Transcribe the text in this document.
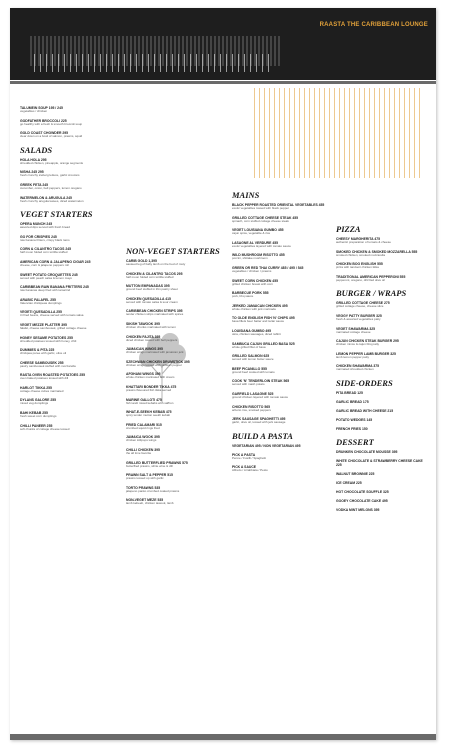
RAASTA THE CARIBBEAN LOUNGE
TALUMEIN SOUP 195 / 245
vegetables / chicken
GODFATHER BROCCOLI 225
go healthy with a fresh & smooth broccoli soup
GOLD COAST CHOWDER 295
clear down on a bowl of salmon, prawns, squid
SALADS
HOLA HOLA 295
shredded chicken, pineapple, orange segments
NISHA 245 295
fresh crunchy iceberg lettuce, garlic croutons
GREEK FETA 245
cucumber, onion, bell peppers, lemon oregano
WATERMELON & ARUGULA 245
fresh crunchy arugula leaves, diced watermelon
VEGET STARTERS
OPERA MUNCH 245
assorted dips served with fresh bread
GO FOR CRISPIES 245
raw banana fritters, crispy black rams
CORN & CILANTRO TACOS 245
half moon folded corn tortilla stuffed
AMERICAN CORN & JALAPENO CIGAR 245
cheese, corn & jalapeno peppers roll
SWEET POTATO CROQUETTES 245
served with peach salsa & lemon mayo
CARIBBEAN RAW BANANA FRITTERS 245
raw bananas deep fried with tamarind
ARABIC FALAFEL 255
Valencian chickpeas dumplings
VEGETI QUESADILLA 255
tri fried beans, cheese served with tomato salsa
VEGET MEZZE PLATTER 395
falafel, cheese sambousek, grilled cottage cheese
HONEY SESAME POTATOES 255
shredded potatoes tossed with honey, chili
DUMMIES & PITA 225
chickpea puree with garlic, olive oil
CHEESE SAMBOUSEK 255
pastry sambousek stuffed with mozzarella
RASTA OVEN ROASTED POTATOES 255
oven baked potatoes tossed with dill
HARLOT TIKKA 255
cottage cheese cubes marinated
DYLANS GALORE 255
mixed veg dumplings
BAHI KEBAB 255
fresh sweet corn dumplings
CHILLI PANEER 255
soft chunks of cottage cheese tossed
NON-VEGET STARTERS
CARIB GOLD 1,395
sauteed leg of baby lamb on the bed of rosty
CHICKEN & CILANTRO TACOS 295
half moon folded corn tortilla stuffed
MUTTON EMPANADAS 395
ground beef stuffed in thin pastry sheet
CHICKEN QUESADILLA 415
served with tomato salsa & sour cream
CARIBBEAN CHICKEN STRIPS 395
tender chicken strips marinated with spices
SIKISH TAWOOK 395
chicken chunks marinated with lemon
CHICKEN FAJITA 395
diced chicken tossed with bell peppers
JAMAICAN WINGS 395
chicken wings marinated with jamaican jerk
SZECHWAN CHICKEN DRUMSTICK 395
chicken wings tossed with sichuan pepper
AFGHANI WINGS 395
whole chicken marinated with cream
KHATTARI BONDER TIKKA 475
prawns flavoured fish tikka served
MARINE GALLOTI 475
fish tandi mixed kebabs with saffron
WHAT-E-SEEKH KEBAB 475
spicy tender mutton seekh kebab
FRIED CALAMARI 515
crumbed squid rings fried
JAMAICA WOOK 395
chicken lollipops wings
CHILLI CHICKEN 395
the all time favorite
GRILLED BUTTERFLIED PRAWNS 575
butterflied prawns, white wine & dill
PRAWN SALT & PEPPER 515
prawns tossed up with garlic
TORTO PRAWNS 535
jalapeno panko crumbed coated prawns
NON-VEGET MEZE 535
lamb kebeeb, chicken tawook, lamb
MAINS
BLACK PEPPER ROASTED ORIENTAL VEGETABLES 455
exotic vegetables tossed with black pepper
GRILLED COTTAGE CHEESE STEAK 455
spinach, corn stuffed cottage cheese steak
VEGET LOUISIANA GUMBO 455
cajun spice, vegetable & rice
LASAGNE AL VERDURE 455
exotic vegetables layered with tomato sauce
WILD MUSHROOM RISOTTO 455
porcini, shiitake mushroom
GREEN OR RED THAI CURRY 485 / 495 / 545
vegetables / chicken / prawns
SWEET CORN CHICKEN 455
grilled chicken breast with corn
BARBECUE PORK 555
pork, bbq sauce
JERKED JAMAICAN CHICKEN 495
whole chicken with jerk marinade
TO OLDE ENGLISH FISH 'N' CHIPS 495
basa fillets beer batter and tartar sauce
LOUISIANA GUMBO 495
okra, chicken sausages, diced rabbit
SAMBUCA CAJUN GRILLED BASA 525
whole grilled fillet of basa
GRILLED SALMON 625
served with lemon butter sauce
BEEF PICANILLO 555
ground beef cooked with tomato
COOK 'N' TENDERLOIN STEAK 565
served with mash potato
GARFIELD LASAGNE 525
ground chicken layered with tomato sauce
CHICKEN RISOTTO 565
arborio rice, smoked peppers
JERK SAUSAGE SPAGHETTI 495
garlic, olive oil, tossed with jerk sausage
BUILD A PASTA
VEGETARIAN 495 / NON VEGETARIAN 495
PICK A PASTA
Penne / Fusilli / Spaghetti
PICK A SAUCE
Alfredo / Arrabbiata / Pesto
PIZZA
CHEESY MARGHERITA 475
authentic preparation of tomato & cheese
SMOKED CHICKEN & SMOKED MOZZARELLA 555
smoked chicken, smoked mozzarella
CHICKEN BOO ENGLISH 555
pizza with tandoori chicken tikka
TRADITIONAL AMERICAN PEPPERONI 555
pepperoni, oregano, drizzled olive oil
BURGER / WRAPS
GRILLED COTTAGE CHEESE 275
grilled cottage cheese, cheese slice
VEGGY PATTY BURGER 325
fresh & assorted vegetables patty
VEGET SHAWARMA 325
marinated cottage cheese
CAJUN CHICKEN STEAK BURGER 295
chicken mince & cajun bbq patty
LEMON PEPPER LAMB BURGER 325
lamb lemon pepper patty
CHICKEN SHAWARMA 375
marinated shredded chicken
SIDE-ORDERS
PITA BREAD 125
GARLIC BREAD 175
GARLIC BREAD WITH CHEESE 215
POTATO WEDGES 145
FRENCH FRIES 150
DESSERT
DRUNKEN CHOCOLATE MOUSSE 395
WHITE CHOCOLATE & STRAWBERRY CHEESE CAKE 225
WALNUT BROWNIE 225
ICE CREAM 225
HOT CHOCOLATE SOUFFLE 325
GOOEY CHOCOLATE CAKE 495
VODKA MINT MELONS 395
